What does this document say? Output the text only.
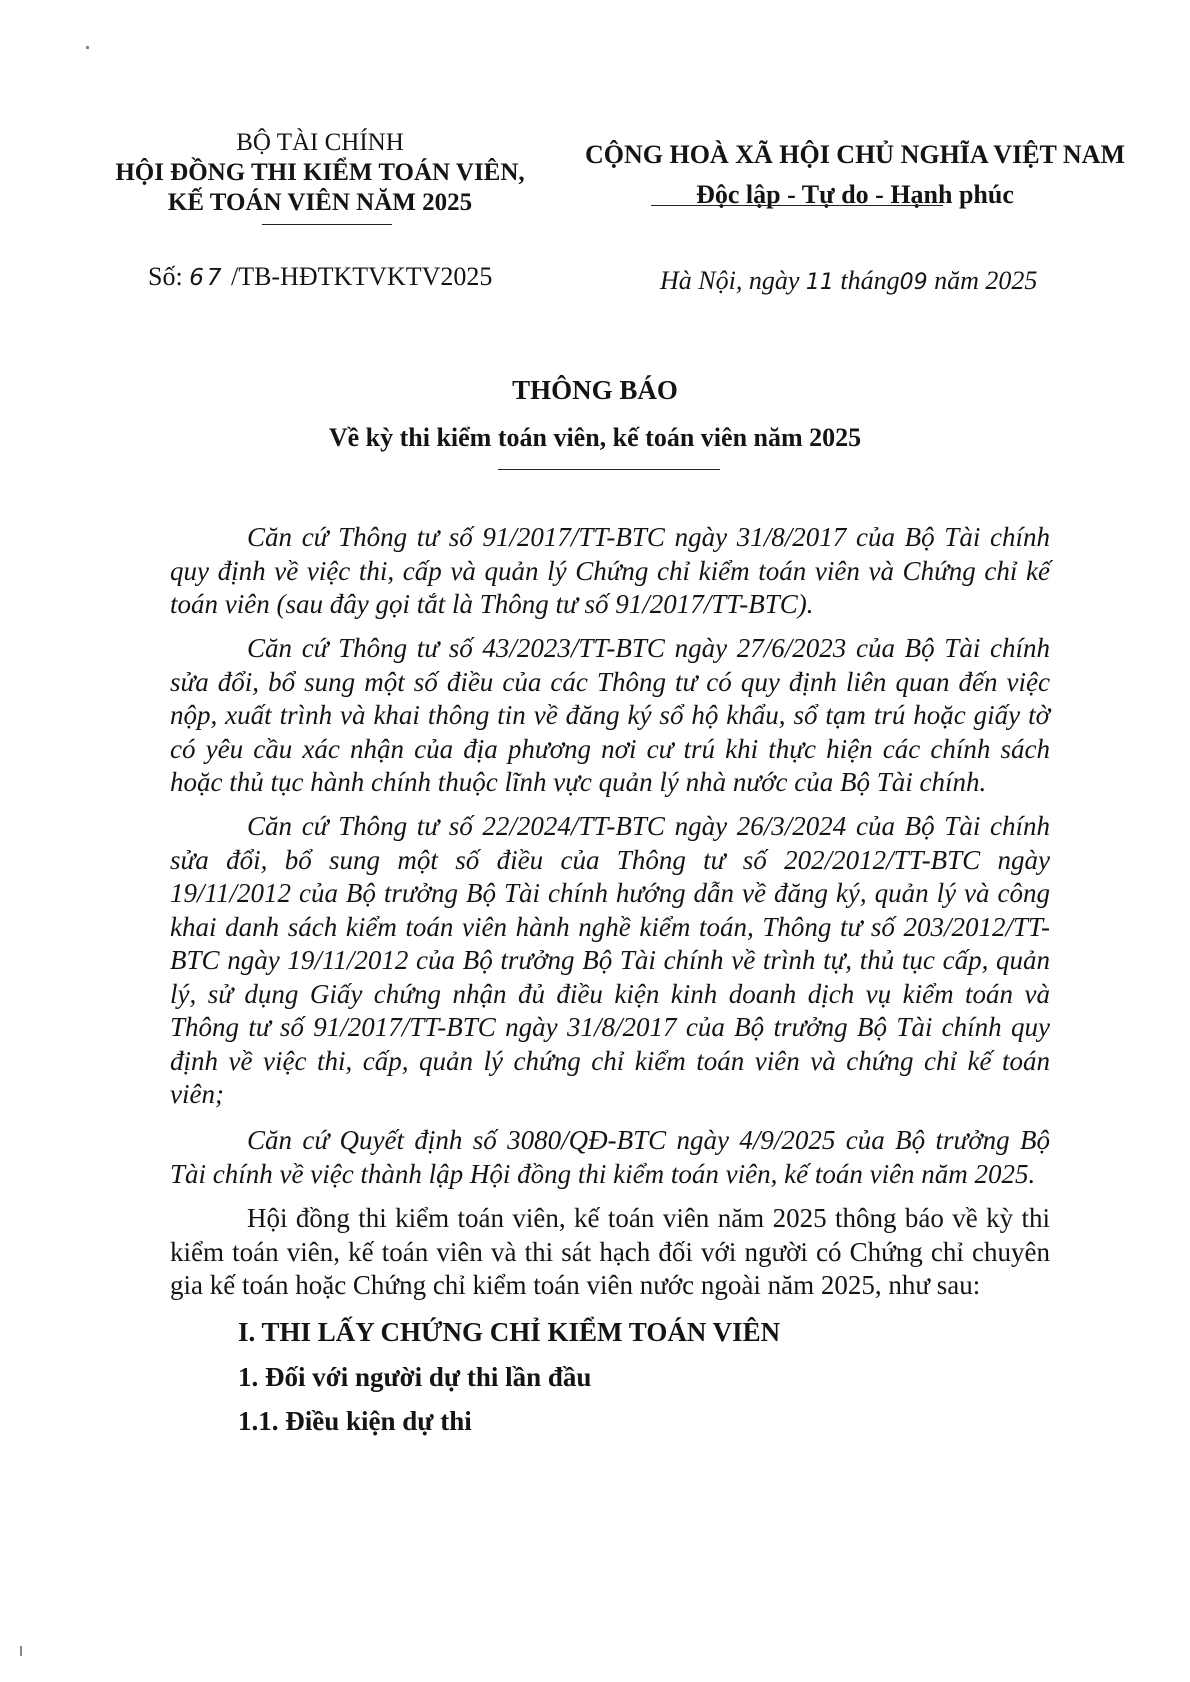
BỘ TÀI CHÍNH
HỘI ĐỒNG THI KIỂM TOÁN VIÊN,
KẾ TOÁN VIÊN NĂM 2025
CỘNG HOÀ XÃ HỘI CHỦ NGHĨA VIỆT NAM
Độc lập - Tự do - Hạnh phúc
Số: 67 /TB-HĐTKTVKTV2025	Hà Nội, ngày 11 tháng09 năm 2025
THÔNG BÁO
Về kỳ thi kiểm toán viên, kế toán viên năm 2025

Căn cứ Thông tư số 91/2017/TT-BTC ngày 31/8/2017 của Bộ Tài chính quy định về việc thi, cấp và quản lý Chứng chỉ kiểm toán viên và Chứng chỉ kế toán viên (sau đây gọi tắt là Thông tư số 91/2017/TT-BTC).

Căn cứ Thông tư số 43/2023/TT-BTC ngày 27/6/2023 của Bộ Tài chính sửa đổi, bổ sung một số điều của các Thông tư có quy định liên quan đến việc nộp, xuất trình và khai thông tin về đăng ký sổ hộ khẩu, sổ tạm trú hoặc giấy tờ có yêu cầu xác nhận của địa phương nơi cư trú khi thực hiện các chính sách hoặc thủ tục hành chính thuộc lĩnh vực quản lý nhà nước của Bộ Tài chính.

Căn cứ Thông tư số 22/2024/TT-BTC ngày 26/3/2024 của Bộ Tài chính sửa đổi, bổ sung một số điều của Thông tư số 202/2012/TT-BTC ngày 19/11/2012 của Bộ trưởng Bộ Tài chính hướng dẫn về đăng ký, quản lý và công khai danh sách kiểm toán viên hành nghề kiểm toán, Thông tư số 203/2012/TT-BTC ngày 19/11/2012 của Bộ trưởng Bộ Tài chính về trình tự, thủ tục cấp, quản lý, sử dụng Giấy chứng nhận đủ điều kiện kinh doanh dịch vụ kiểm toán và Thông tư số 91/2017/TT-BTC ngày 31/8/2017 của Bộ trưởng Bộ Tài chính quy định về việc thi, cấp, quản lý chứng chỉ kiểm toán viên và chứng chỉ kế toán viên;

Căn cứ Quyết định số 3080/QĐ-BTC ngày 4/9/2025 của Bộ trưởng Bộ Tài chính về việc thành lập Hội đồng thi kiểm toán viên, kế toán viên năm 2025.

Hội đồng thi kiểm toán viên, kế toán viên năm 2025 thông báo về kỳ thi kiểm toán viên, kế toán viên và thi sát hạch đối với người có Chứng chỉ chuyên gia kế toán hoặc Chứng chỉ kiểm toán viên nước ngoài năm 2025, như sau:

I. THI LẤY CHỨNG CHỈ KIỂM TOÁN VIÊN
1. Đối với người dự thi lần đầu
1.1. Điều kiện dự thi
